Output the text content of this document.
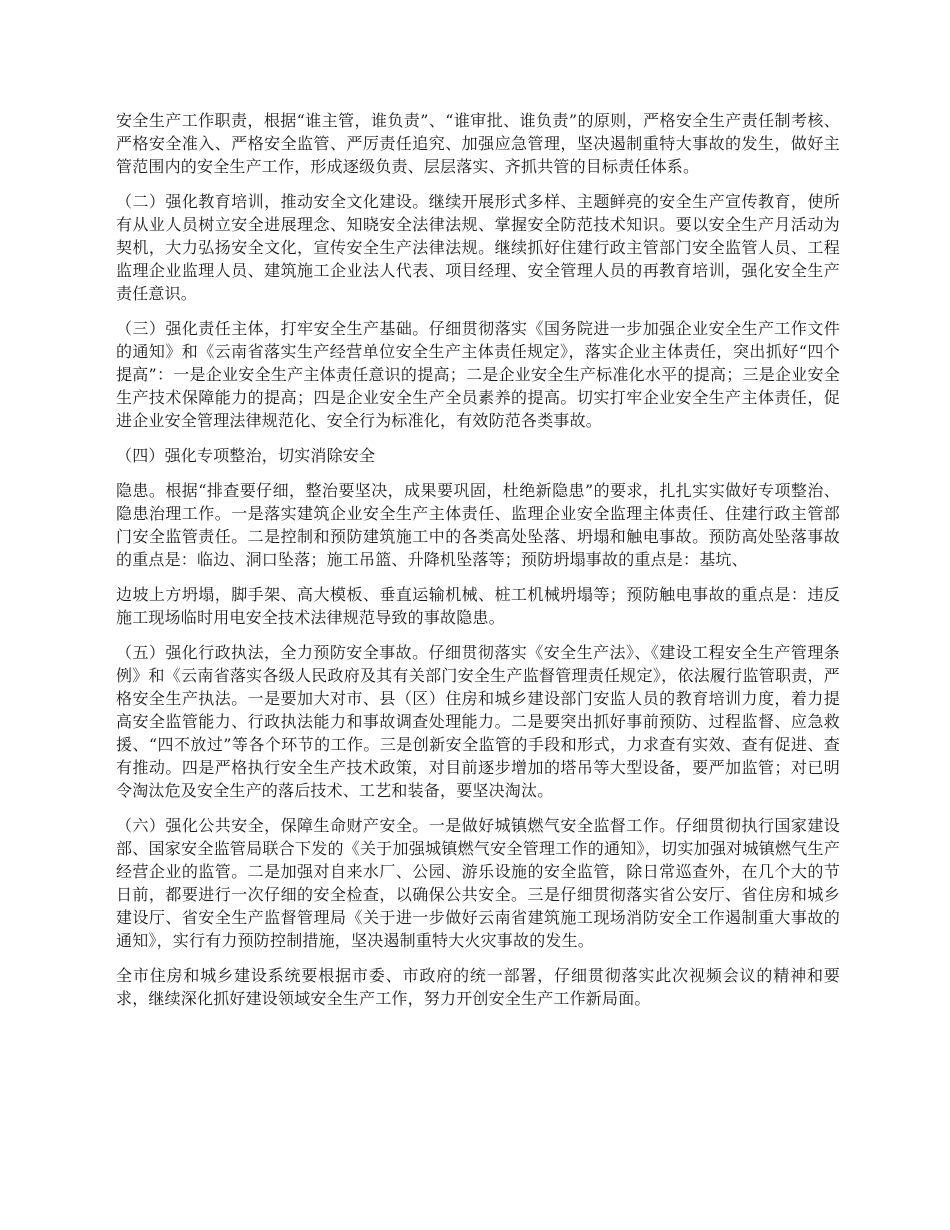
安全生产工作职责，根据“谁主管，谁负责”、“谁审批、谁负责”的原则，严格安全生产责任制考核、严格安全准入、严格安全监管、严厉责任追究、加强应急管理，坚决遏制重特大事故的发生，做好主管范围内的安全生产工作，形成逐级负责、层层落实、齐抓共管的目标责任体系。

（二）强化教育培训，推动安全文化建设。继续开展形式多样、主题鲜亮的安全生产宣传教育，使所有从业人员树立安全进展理念、知晓安全法律法规、掌握安全防范技术知识。要以安全生产月活动为契机，大力弘扬安全文化，宣传安全生产法律法规。继续抓好住建行政主管部门安全监管人员、工程监理企业监理人员、建筑施工企业法人代表、项目经理、安全管理人员的再教育培训，强化安全生产责任意识。

（三）强化责任主体，打牢安全生产基础。仔细贯彻落实《国务院进一步加强企业安全生产工作文件的通知》和《云南省落实生产经营单位安全生产主体责任规定》，落实企业主体责任，突出抓好“四个提高”：一是企业安全生产主体责任意识的提高；二是企业安全生产标准化水平的提高；三是企业安全生产技术保障能力的提高；四是企业安全生产全员素养的提高。切实打牢企业安全生产主体责任，促进企业安全管理法律规范化、安全行为标准化，有效防范各类事故。

（四）强化专项整治，切实消除安全

隐患。根据“排查要仔细，整治要坚决，成果要巩固，杜绝新隐患”的要求，扎扎实实做好专项整治、隐患治理工作。一是落实建筑企业安全生产主体责任、监理企业安全监理主体责任、住建行政主管部门安全监管责任。二是控制和预防建筑施工中的各类高处坠落、坍塌和触电事故。预防高处坠落事故的重点是：临边、洞口坠落；施工吊篮、升降机坠落等；预防坍塌事故的重点是：基坑、

边坡上方坍塌，脚手架、高大模板、垂直运输机械、桩工机械坍塌等；预防触电事故的重点是：违反施工现场临时用电安全技术法律规范导致的事故隐患。

（五）强化行政执法，全力预防安全事故。仔细贯彻落实《安全生产法》、《建设工程安全生产管理条例》和《云南省落实各级人民政府及其有关部门安全生产监督管理责任规定》，依法履行监管职责，严格安全生产执法。一是要加大对市、县（区）住房和城乡建设部门安监人员的教育培训力度，着力提高安全监管能力、行政执法能力和事故调查处理能力。二是要突出抓好事前预防、过程监督、应急救援、“四不放过”等各个环节的工作。三是创新安全监管的手段和形式，力求查有实效、查有促进、查有推动。四是严格执行安全生产技术政策，对目前逐步增加的塔吊等大型设备，要严加监管；对已明令淘汰危及安全生产的落后技术、工艺和装备，要坚决淘汰。

（六）强化公共安全，保障生命财产安全。一是做好城镇燃气安全监督工作。仔细贯彻执行国家建设部、国家安全监管局联合下发的《关于加强城镇燃气安全管理工作的通知》，切实加强对城镇燃气生产经营企业的监管。二是加强对自来水厂、公园、游乐设施的安全监管，除日常巡查外，在几个大的节日前，都要进行一次仔细的安全检查，以确保公共安全。三是仔细贯彻落实省公安厅、省住房和城乡建设厅、省安全生产监督管理局《关于进一步做好云南省建筑施工现场消防安全工作遏制重大事故的通知》，实行有力预防控制措施，坚决遏制重特大火灾事故的发生。

全市住房和城乡建设系统要根据市委、市政府的统一部署，仔细贯彻落实此次视频会议的精神和要求，继续深化抓好建设领域安全生产工作，努力开创安全生产工作新局面。
